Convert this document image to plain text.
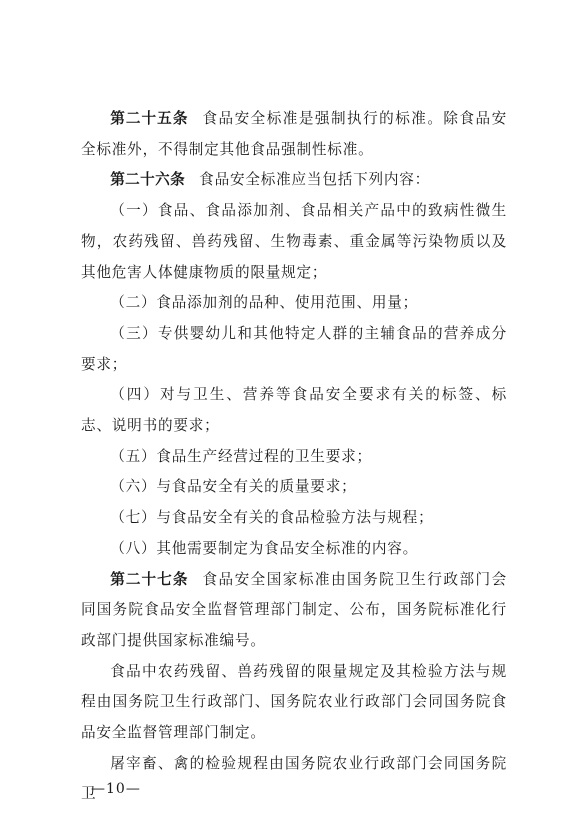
第二十五条 食品安全标准是强制执行的标准。除食品安全标准外，不得制定其他食品强制性标准。

第二十六条 食品安全标准应当包括下列内容：

（一）食品、食品添加剂、食品相关产品中的致病性微生物，农药残留、兽药残留、生物毒素、重金属等污染物质以及其他危害人体健康物质的限量规定；

（二）食品添加剂的品种、使用范围、用量；

（三）专供婴幼儿和其他特定人群的主辅食品的营养成分要求；

（四）对与卫生、营养等食品安全要求有关的标签、标志、说明书的要求；

（五）食品生产经营过程的卫生要求；

（六）与食品安全有关的质量要求；

（七）与食品安全有关的食品检验方法与规程；

（八）其他需要制定为食品安全标准的内容。

第二十七条 食品安全国家标准由国务院卫生行政部门会同国务院食品安全监督管理部门制定、公布，国务院标准化行政部门提供国家标准编号。

食品中农药残留、兽药残留的限量规定及其检验方法与规程由国务院卫生行政部门、国务院农业行政部门会同国务院食品安全监督管理部门制定。

屠宰畜、禽的检验规程由国务院农业行政部门会同国务院卫

—10—
